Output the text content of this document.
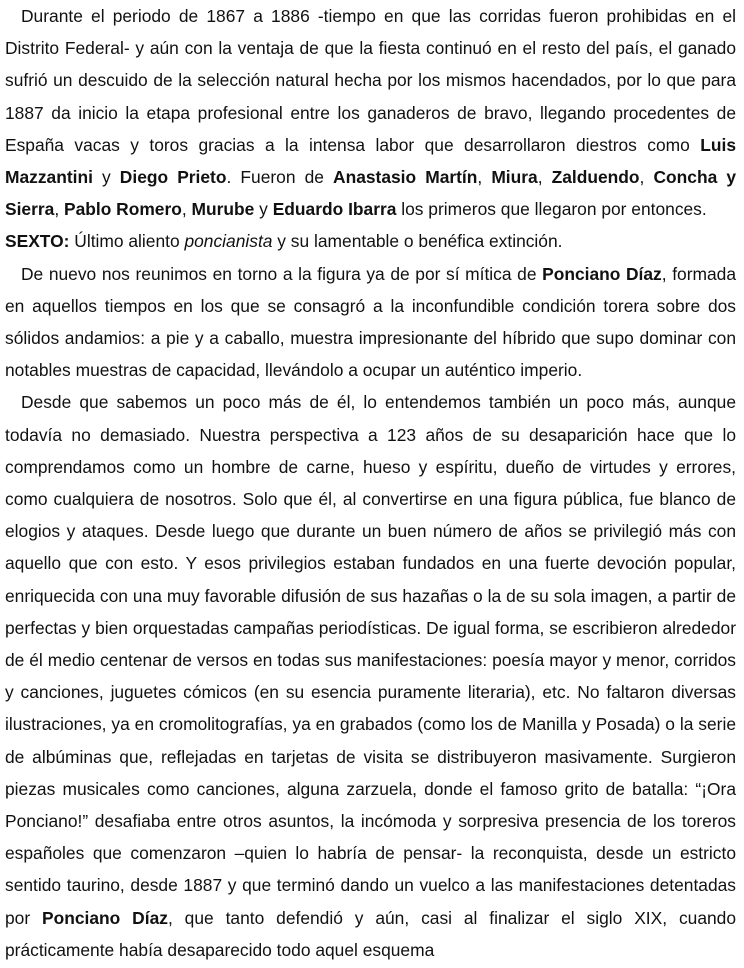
Durante el periodo de 1867 a 1886 -tiempo en que las corridas fueron prohibidas en el Distrito Federal- y aún con la ventaja de que la fiesta continuó en el resto del país, el ganado sufrió un descuido de la selección natural hecha por los mismos hacendados, por lo que para 1887 da inicio la etapa profesional entre los ganaderos de bravo, llegando procedentes de España vacas y toros gracias a la intensa labor que desarrollaron diestros como Luis Mazzantini y Diego Prieto. Fueron de Anastasio Martín, Miura, Zalduendo, Concha y Sierra, Pablo Romero, Murube y Eduardo Ibarra los primeros que llegaron por entonces.

SEXTO: Último aliento poncianista y su lamentable o benéfica extinción.

De nuevo nos reunimos en torno a la figura ya de por sí mítica de Ponciano Díaz, formada en aquellos tiempos en los que se consagró a la inconfundible condición torera sobre dos sólidos andamios: a pie y a caballo, muestra impresionante del híbrido que supo dominar con notables muestras de capacidad, llevándolo a ocupar un auténtico imperio.

Desde que sabemos un poco más de él, lo entendemos también un poco más, aunque todavía no demasiado. Nuestra perspectiva a 123 años de su desaparición hace que lo comprendamos como un hombre de carne, hueso y espíritu, dueño de virtudes y errores, como cualquiera de nosotros. Solo que él, al convertirse en una figura pública, fue blanco de elogios y ataques. Desde luego que durante un buen número de años se privilegió más con aquello que con esto. Y esos privilegios estaban fundados en una fuerte devoción popular, enriquecida con una muy favorable difusión de sus hazañas o la de su sola imagen, a partir de perfectas y bien orquestadas campañas periodísticas. De igual forma, se escribieron alrededor de él medio centenar de versos en todas sus manifestaciones: poesía mayor y menor, corridos y canciones, juguetes cómicos (en su esencia puramente literaria), etc. No faltaron diversas ilustraciones, ya en cromolitografías, ya en grabados (como los de Manilla y Posada) o la serie de albúminas que, reflejadas en tarjetas de visita se distribuyeron masivamente. Surgieron piezas musicales como canciones, alguna zarzuela, donde el famoso grito de batalla: “¡Ora Ponciano!” desafiaba entre otros asuntos, la incómoda y sorpresiva presencia de los toreros españoles que comenzaron –quien lo habría de pensar- la reconquista, desde un estricto sentido taurino, desde 1887 y que terminó dando un vuelco a las manifestaciones detentadas por Ponciano Díaz, que tanto defendió y aún, casi al finalizar el siglo XIX, cuando prácticamente había desaparecido todo aquel esquema
